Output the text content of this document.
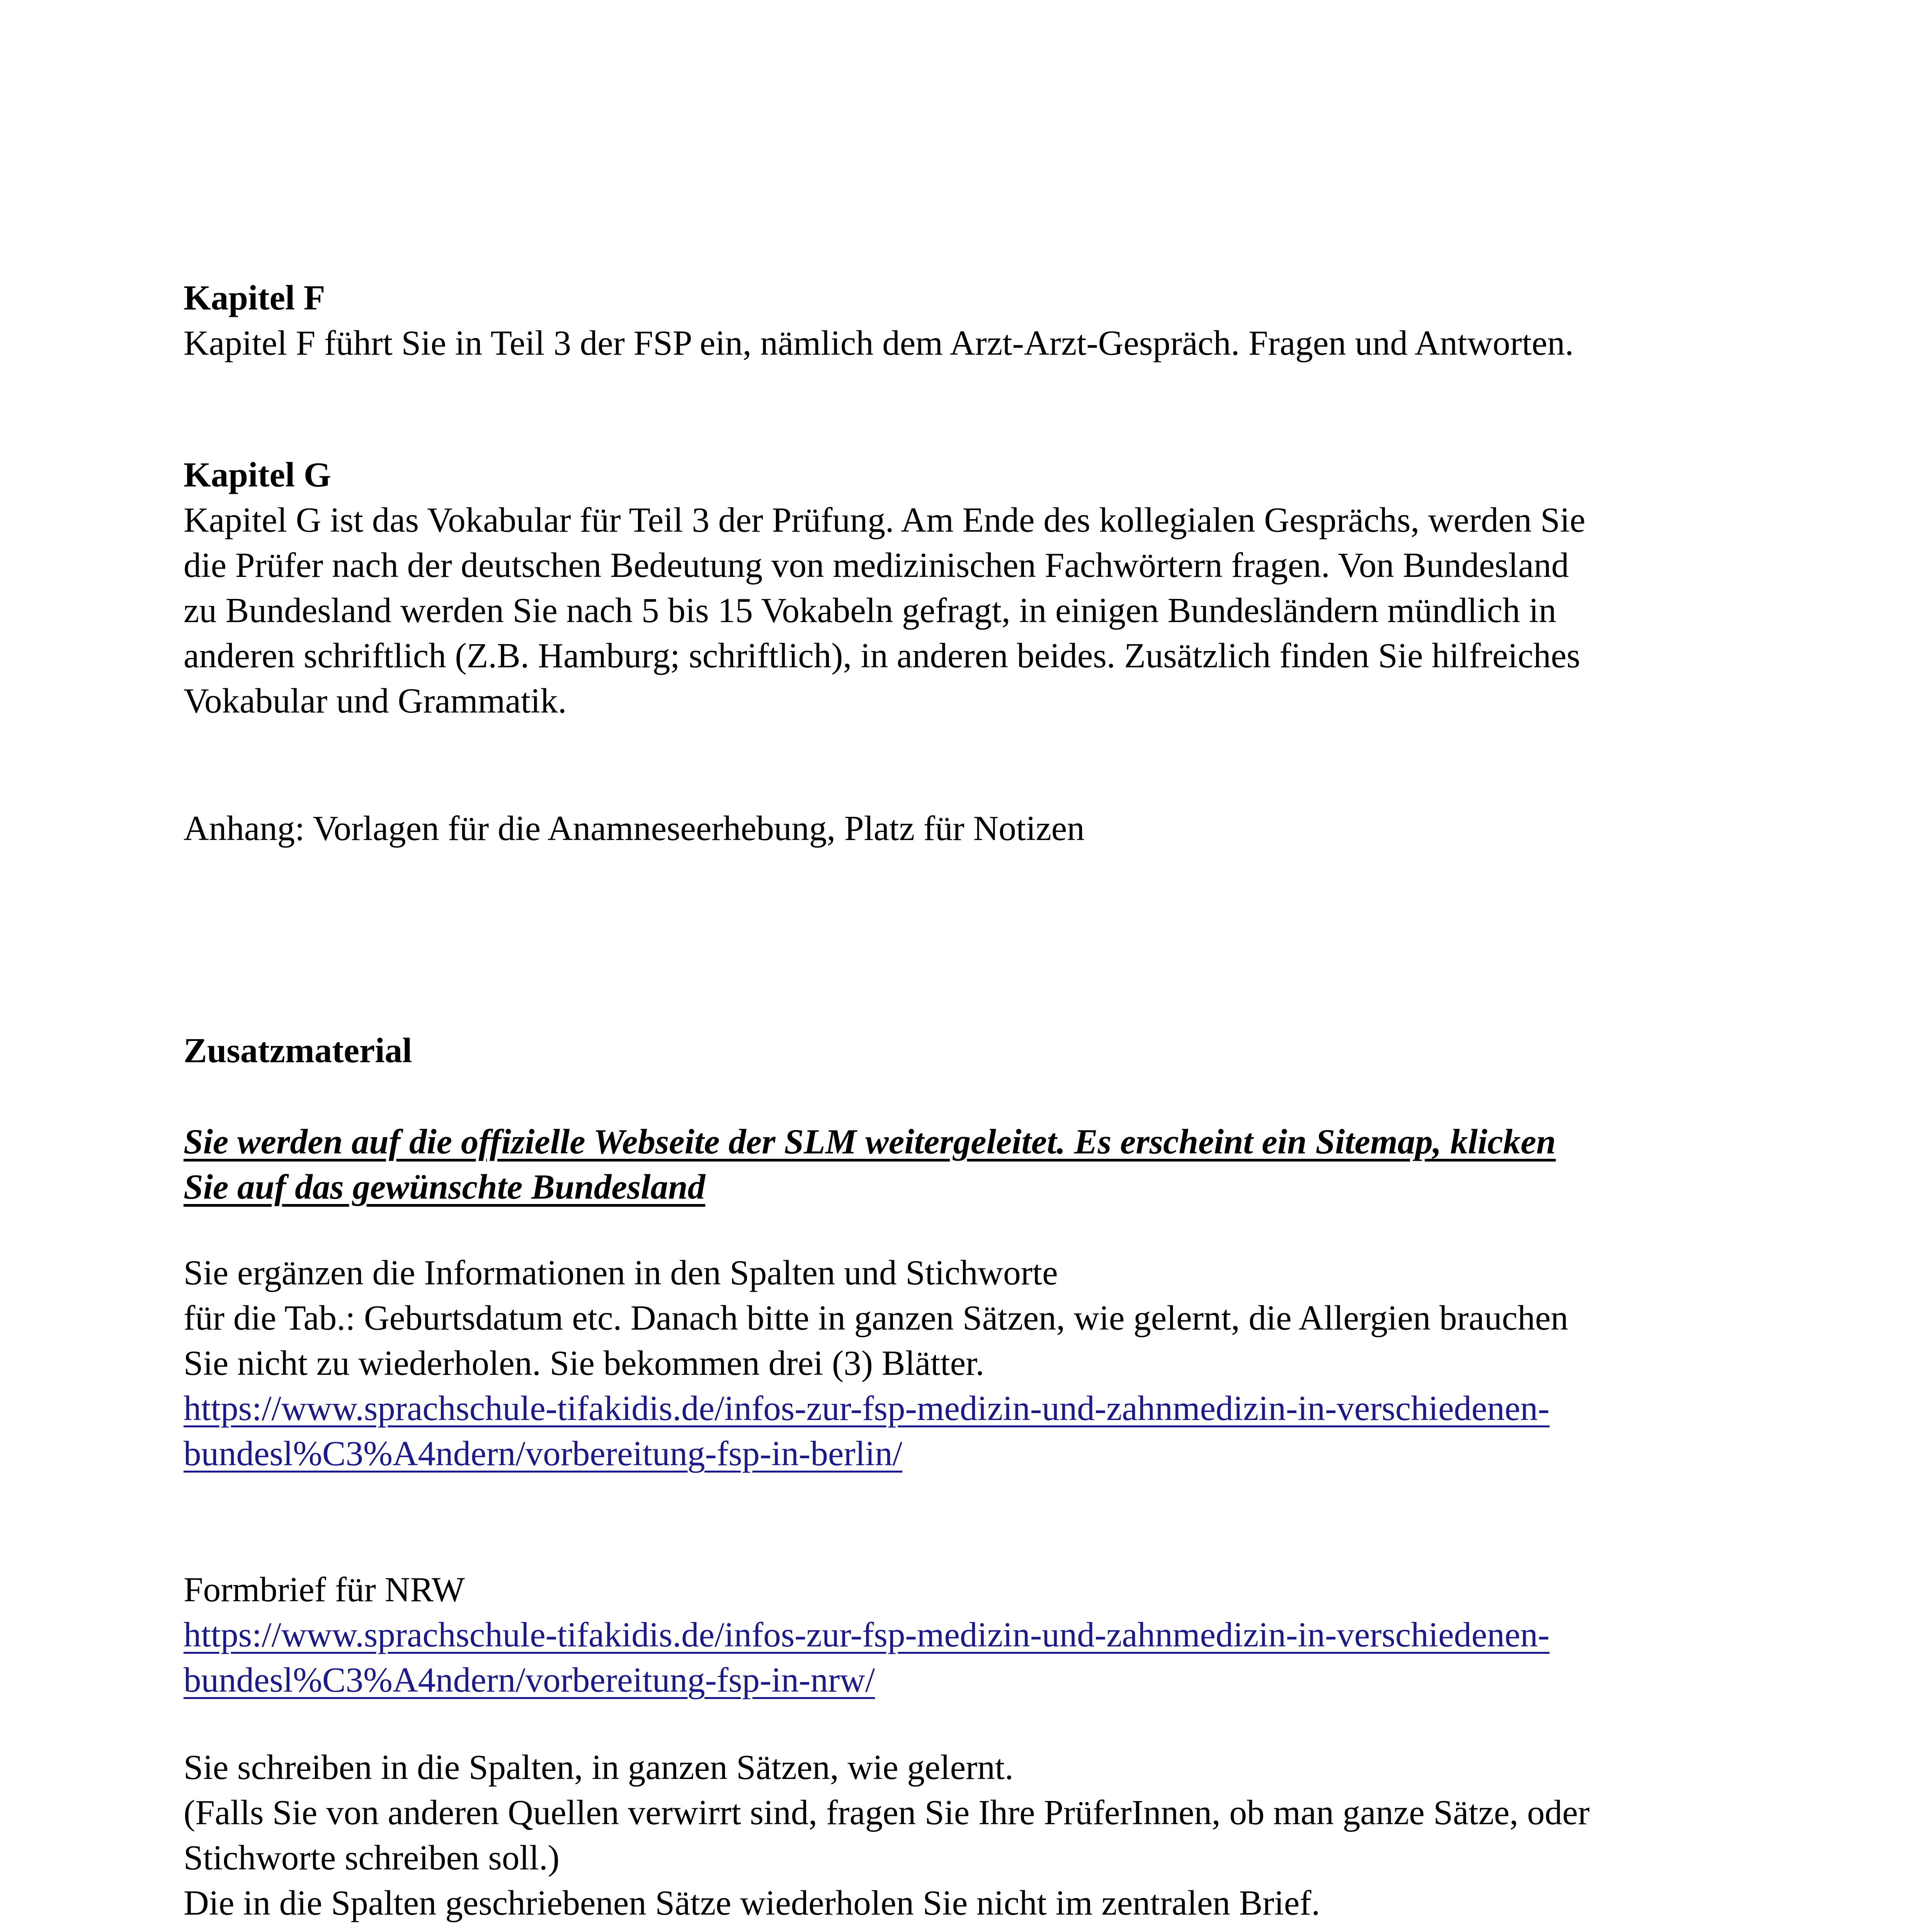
Kapitel F
Kapitel F führt Sie in Teil 3 der FSP ein, nämlich dem Arzt-Arzt-Gespräch. Fragen und Antworten.
Kapitel G
Kapitel G ist das Vokabular für Teil 3 der Prüfung. Am Ende des kollegialen Gesprächs, werden Sie
die Prüfer nach der deutschen Bedeutung von medizinischen Fachwörtern fragen. Von Bundesland
zu Bundesland werden Sie nach 5 bis 15 Vokabeln gefragt, in einigen Bundesländern mündlich in
anderen schriftlich (Z.B. Hamburg; schriftlich), in anderen beides. Zusätzlich finden Sie hilfreiches
Vokabular und Grammatik.
Anhang: Vorlagen für die Anamneseerhebung, Platz für Notizen
Zusatzmaterial
Sie werden auf die offizielle Webseite der SLM weitergeleitet. Es erscheint ein Sitemap, klicken
Sie auf das gewünschte Bundesland
Sie ergänzen die Informationen in den Spalten und Stichworte
für die Tab.: Geburtsdatum etc. Danach bitte in ganzen Sätzen, wie gelernt, die Allergien brauchen
Sie nicht zu wiederholen. Sie bekommen drei (3) Blätter.
https://www.sprachschule-tifakidis.de/infos-zur-fsp-medizin-und-zahnmedizin-in-verschiedenen-
bundesl%C3%A4ndern/vorbereitung-fsp-in-berlin/
Formbrief für NRW
https://www.sprachschule-tifakidis.de/infos-zur-fsp-medizin-und-zahnmedizin-in-verschiedenen-
bundesl%C3%A4ndern/vorbereitung-fsp-in-nrw/
Sie schreiben in die Spalten, in ganzen Sätzen, wie gelernt.
(Falls Sie von anderen Quellen verwirrt sind, fragen Sie Ihre PrüferInnen, ob man ganze Sätze, oder
Stichworte schreiben soll.)
Die in die Spalten geschriebenen Sätze wiederholen Sie nicht im zentralen Brief.
